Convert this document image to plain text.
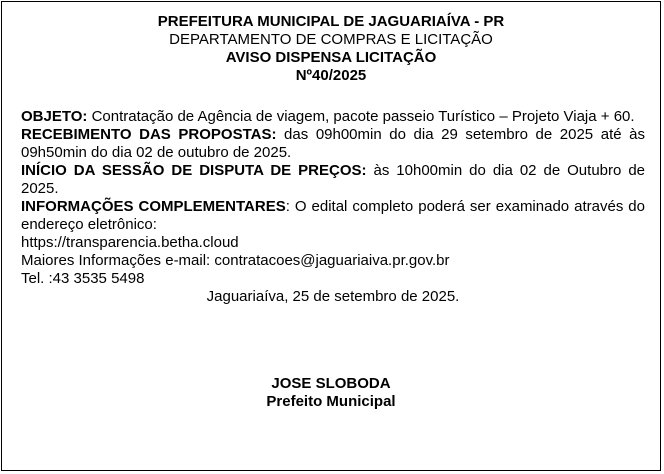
PREFEITURA MUNICIPAL DE JAGUARIAÍVA - PR
DEPARTAMENTO DE COMPRAS E LICITAÇÃO
AVISO DISPENSA LICITAÇÃO
Nº40/2025

OBJETO: Contratação de Agência de viagem, pacote passeio Turístico – Projeto Viaja + 60.

RECEBIMENTO DAS PROPOSTAS: das 09h00min do dia 29 setembro de 2025 até às 09h50min do dia 02 de outubro de 2025.

INÍCIO DA SESSÃO DE DISPUTA DE PREÇOS: às 10h00min do dia 02 de Outubro de 2025.

INFORMAÇÕES COMPLEMENTARES: O edital completo poderá ser examinado através do endereço eletrônico:

https://transparencia.betha.cloud

Maiores Informações e-mail: contratacoes@jaguariaiva.pr.gov.br

Tel. :43 3535 5498

Jaguariaíva, 25 de setembro de 2025.

JOSE SLOBODA
Prefeito Municipal
